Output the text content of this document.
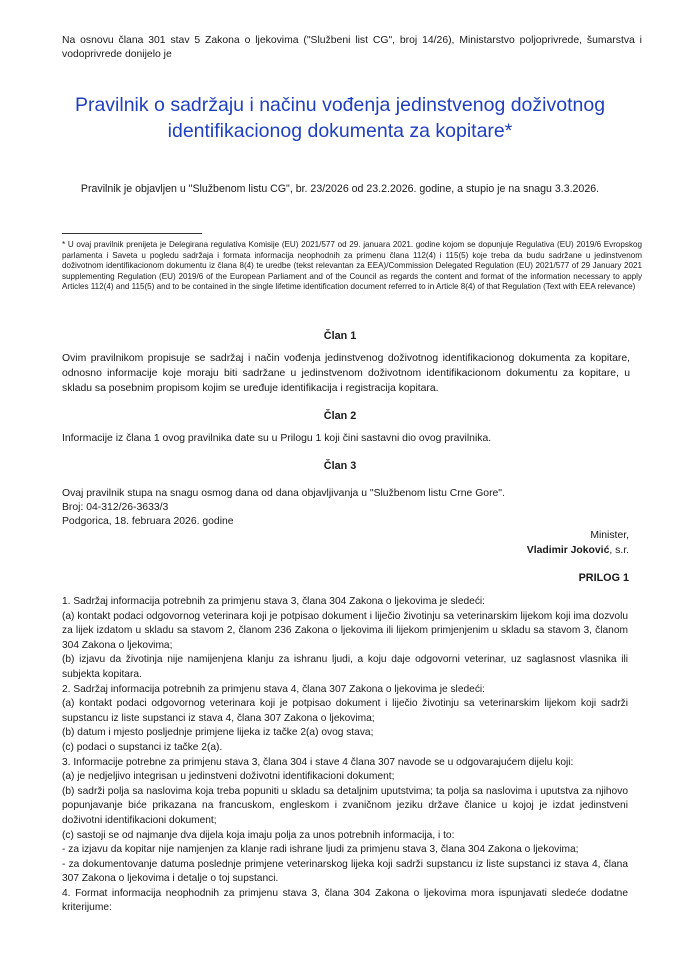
Na osnovu člana 301 stav 5 Zakona o ljekovima ("Službeni list CG", broj 14/26), Ministarstvo poljoprivrede, šumarstva i vodoprivrede donijelo je
Pravilnik o sadržaju i načinu vođenja jedinstvenog doživotnog
identifikacionog dokumenta za kopitare*
Pravilnik je objavljen u "Službenom listu CG", br. 23/2026 od 23.2.2026. godine, a stupio je na snagu 3.3.2026.
* U ovaj pravilnik prenijeta je Delegirana regulativa Komisije (EU) 2021/577 od 29. januara 2021. godine kojom se dopunjuje Regulativa (EU) 2019/6 Evropskog parlamenta i Saveta u pogledu sadržaja i formata informacija neophodnih za primenu člana 112(4) i 115(5) koje treba da budu sadržane u jedinstvenom doživotnom identifikacionom dokumentu iz člana 8(4) te uredbe (tekst relevantan za EEA)/Commission Delegated Regulation (EU) 2021/577 of 29 January 2021 supplementing Regulation (EU) 2019/6 of the European Parliament and of the Council as regards the content and format of the information necessary to apply Articles 112(4) and 115(5) and to be contained in the single lifetime identification document referred to in Article 8(4) of that Regulation (Text with EEA relevance)
Član 1
Ovim pravilnikom propisuje se sadržaj i način vođenja jedinstvenog doživotnog identifikacionog dokumenta za kopitare, odnosno informacije koje moraju biti sadržane u jedinstvenom doživotnom identifikacionom dokumentu za kopitare, u skladu sa posebnim propisom kojim se uređuje identifikacija i registracija kopitara.
Član 2
Informacije iz člana 1 ovog pravilnika date su u Prilogu 1 koji čini sastavni dio ovog pravilnika.
Član 3
Ovaj pravilnik stupa na snagu osmog dana od dana objavljivanja u "Službenom listu Crne Gore".
Broj: 04-312/26-3633/3
Podgorica, 18. februara 2026. godine
Minister,
Vladimir Joković, s.r.
PRILOG 1

1. Sadržaj informacija potrebnih za primjenu stava 3, člana 304 Zakona o ljekovima je sledeći:

(a) kontakt podaci odgovornog veterinara koji je potpisao dokument i liječio životinju sa veterinarskim lijekom koji ima dozvolu za lijek izdatom u skladu sa stavom 2, članom 236 Zakona o ljekovima ili lijekom primjenjenim u skladu sa stavom 3, članom 304 Zakona o ljekovima;

(b) izjavu da životinja nije namijenjena klanju za ishranu ljudi, a koju daje odgovorni veterinar, uz saglasnost vlasnika ili subjekta kopitara.

2. Sadržaj informacija potrebnih za primjenu stava 4, člana 307 Zakona o ljekovima je sledeći:

(a) kontakt podaci odgovornog veterinara koji je potpisao dokument i liječio životinju sa veterinarskim lijekom koji sadrži supstancu iz liste supstanci iz stava 4, člana 307 Zakona o ljekovima;

(b) datum i mjesto posljednje primjene lijeka iz tačke 2(a) ovog stava;

(c) podaci o supstanci iz tačke 2(a).

3. Informacije potrebne za primjenu stava 3, člana 304 i stave 4 člana 307 navode se u odgovarajućem dijelu koji:

(a) je nedjeljivo integrisan u jedinstveni doživotni identifikacioni dokument;

(b) sadrži polja sa naslovima koja treba popuniti u skladu sa detaljnim uputstvima; ta polja sa naslovima i uputstva za njihovo popunjavanje biće prikazana na francuskom, engleskom i zvaničnom jeziku države članice u kojoj je izdat jedinstveni doživotni identifikacioni dokument;

(c) sastoji se od najmanje dva dijela koja imaju polja za unos potrebnih informacija, i to:

- za izjavu da kopitar nije namjenjen za klanje radi ishrane ljudi za primjenu stava 3, člana 304 Zakona o ljekovima;

- za dokumentovanje datuma posledn‌je primjene veterinarskog lijeka koji sadrži supstancu iz liste supstanci iz stava 4, člana 307 Zakona o ljekovima i detalje o toj supstanci.

4. Format informacija neophodnih za primjenu stava 3, člana 304 Zakona o ljekovima mora ispunjavati sledeće dodatne kriterijume:
